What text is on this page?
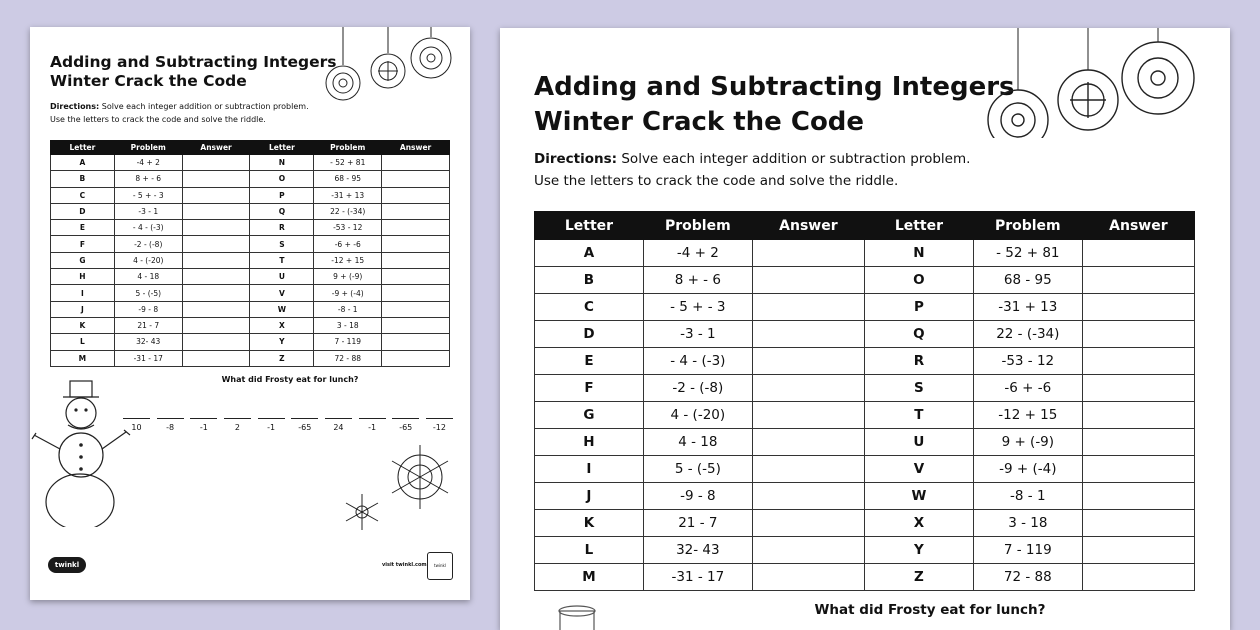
Adding and Subtracting Integers
Winter Crack the Code

Directions: Solve each integer addition or subtraction problem.
Use the letters to crack the code and solve the riddle.

Letter	Problem	Answer	Letter	Problem	Answer
A	-4 + 2		N	- 52 + 81	
B	8 + - 6		O	68 - 95	
C	- 5 + - 3		P	-31 + 13	
D	-3 - 1		Q	22 - (-34)	
E	- 4 - (-3)		R	-53 - 12	
F	-2 - (-8)		S	-6 + -6	
G	4 - (-20)		T	-12 + 15	
H	4 - 18		U	9 + (-9)	
I	5 - (-5)		V	-9 + (-4)	
J	-9 - 8		W	-8 - 1	
K	21 - 7		X	3 - 18	
L	32- 43		Y	7 - 119	
M	-31 - 17		Z	72 - 88	

What did Frosty eat for lunch?

10	-8	-1	2	-1	-65	24	-1	-65	-12
twinkl	visit twinkl.com	twinkl
Adding and Subtracting Integers
Winter Crack the Code

Directions: Solve each integer addition or subtraction problem.
Use the letters to crack the code and solve the riddle.

Letter	Problem	Answer	Letter	Problem	Answer
A	-4 + 2		N	- 52 + 81	
B	8 + - 6		O	68 - 95	
C	- 5 + - 3		P	-31 + 13	
D	-3 - 1		Q	22 - (-34)	
E	- 4 - (-3)		R	-53 - 12	
F	-2 - (-8)		S	-6 + -6	
G	4 - (-20)		T	-12 + 15	
H	4 - 18		U	9 + (-9)	
I	5 - (-5)		V	-9 + (-4)	
J	-9 - 8		W	-8 - 1	
K	21 - 7		X	3 - 18	
L	32- 43		Y	7 - 119	
M	-31 - 17		Z	72 - 88	

What did Frosty eat for lunch?
